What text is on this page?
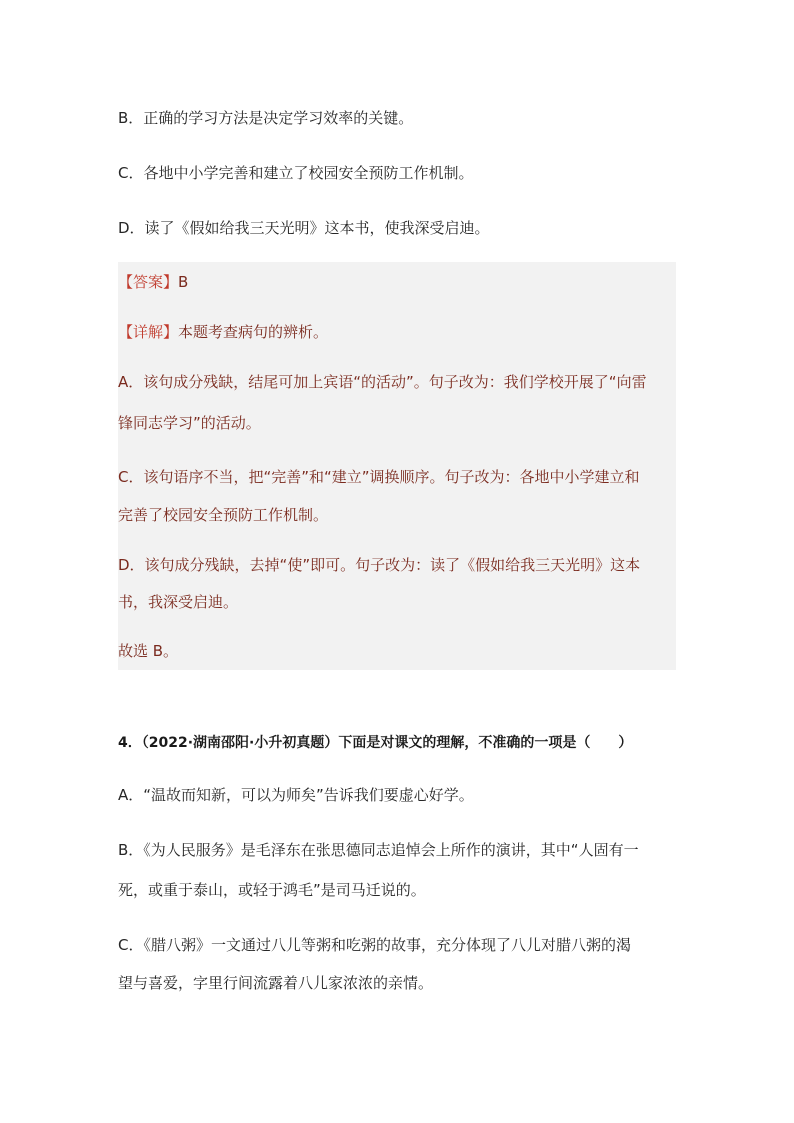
B．正确的学习方法是决定学习效率的关键。
C．各地中小学完善和建立了校园安全预防工作机制。
D．读了《假如给我三天光明》这本书，使我深受启迪。
【答案】B
【详解】本题考查病句的辨析。
A．该句成分残缺，结尾可加上宾语“的活动”。句子改为：我们学校开展了“向雷
锋同志学习”的活动。
C．该句语序不当，把“完善”和“建立”调换顺序。句子改为：各地中小学建立和
完善了校园安全预防工作机制。
D．该句成分残缺，去掉“使”即可。句子改为：读了《假如给我三天光明》这本
书，我深受启迪。
故选 B。
4．（2022·湖南邵阳·小升初真题）下面是对课文的理解，不准确的一项是（　　）
A．“温故而知新，可以为师矣”告诉我们要虚心好学。
B．《为人民服务》是毛泽东在张思德同志追悼会上所作的演讲，其中“人固有一
死，或重于泰山，或轻于鸿毛”是司马迁说的。
C．《腊八粥》一文通过八儿等粥和吃粥的故事，充分体现了八儿对腊八粥的渴
望与喜爱，字里行间流露着八儿家浓浓的亲情。
